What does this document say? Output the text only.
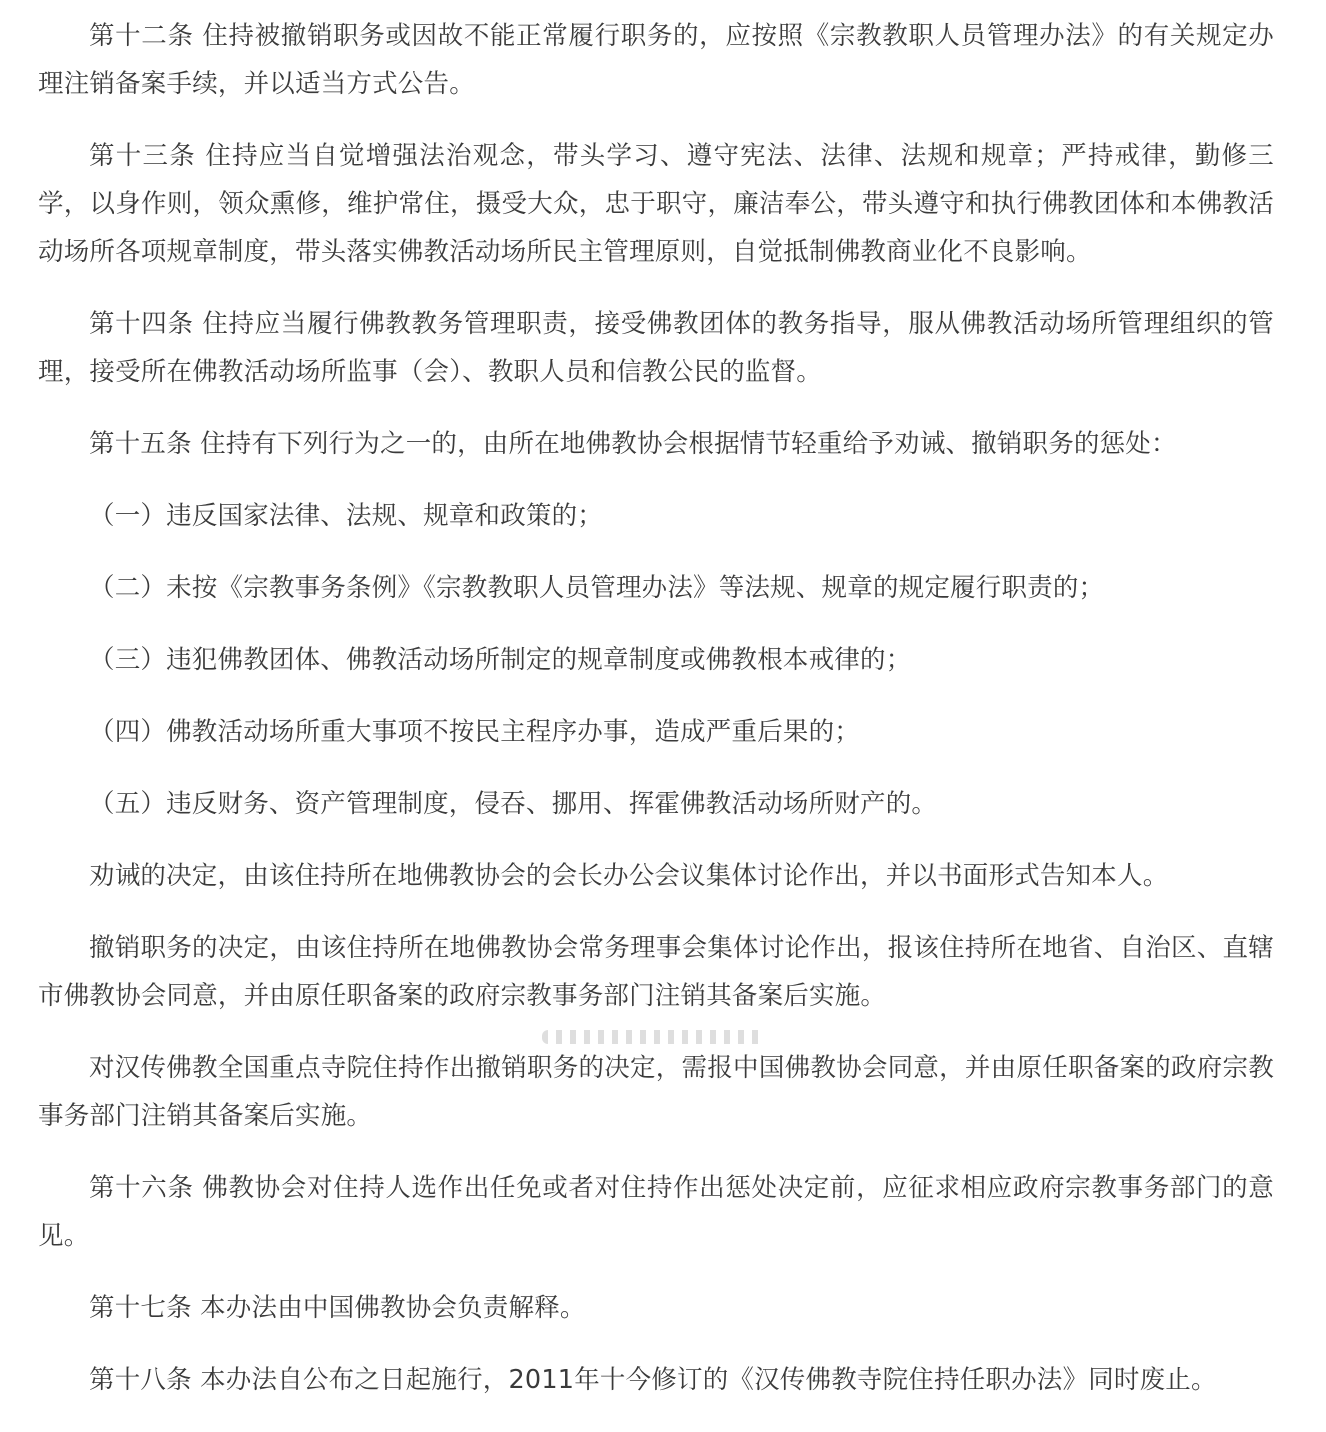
第十二条 住持被撤销职务或因故不能正常履行职务的，应按照《宗教教职人员管理办法》的有关规定办理注销备案手续，并以适当方式公告。

第十三条 住持应当自觉增强法治观念，带头学习、遵守宪法、法律、法规和规章；严持戒律，勤修三学，以身作则，领众熏修，维护常住，摄受大众，忠于职守，廉洁奉公，带头遵守和执行佛教团体和本佛教活动场所各项规章制度，带头落实佛教活动场所民主管理原则，自觉抵制佛教商业化不良影响。

第十四条 住持应当履行佛教教务管理职责，接受佛教团体的教务指导，服从佛教活动场所管理组织的管理，接受所在佛教活动场所监事（会）、教职人员和信教公民的监督。

第十五条 住持有下列行为之一的，由所在地佛教协会根据情节轻重给予劝诫、撤销职务的惩处：

（一）违反国家法律、法规、规章和政策的；

（二）未按《宗教事务条例》《宗教教职人员管理办法》等法规、规章的规定履行职责的；

（三）违犯佛教团体、佛教活动场所制定的规章制度或佛教根本戒律的；

（四）佛教活动场所重大事项不按民主程序办事，造成严重后果的；

（五）违反财务、资产管理制度，侵吞、挪用、挥霍佛教活动场所财产的。

劝诫的决定，由该住持所在地佛教协会的会长办公会议集体讨论作出，并以书面形式告知本人。

撤销职务的决定，由该住持所在地佛教协会常务理事会集体讨论作出，报该住持所在地省、自治区、直辖市佛教协会同意，并由原任职备案的政府宗教事务部门注销其备案后实施。

对汉传佛教全国重点寺院住持作出撤销职务的决定，需报中国佛教协会同意，并由原任职备案的政府宗教事务部门注销其备案后实施。

第十六条 佛教协会对住持人选作出任免或者对住持作出惩处决定前，应征求相应政府宗教事务部门的意见。

第十七条 本办法由中国佛教协会负责解释。

第十八条 本办法自公布之日起施行，20​11年十今修订的《汉传佛教寺院住持任职办法》同时废止。
